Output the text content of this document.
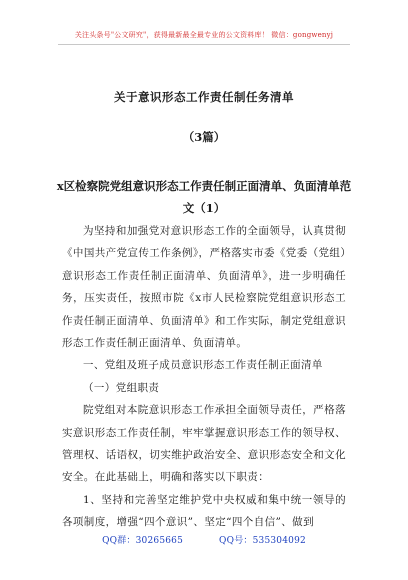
关注头条号"公文研究"，获得最新最全最专业的公文资料库！ 微信：gongwenyj
关于意识形态工作责任制任务清单
（3篇）
x区检察院党组意识形态工作责任制正面清单、负面清单范文（1）

为坚持和加强党对意识形态工作的全面领导，认真贯彻《中国共产党宣传工作条例》，严格落实市委《党委（党组）意识形态工作责任制正面清单、负面清单》，进一步明确任务，压实责任，按照市院《x市人民检察院党组意识形态工作责任制正面清单、负面清单》和工作实际，制定党组意识形态工作责任制正面清单、负面清单。

一、党组及班子成员意识形态工作责任制正面清单

（一）党组职责

院党组对本院意识形态工作承担全面领导责任，严格落实意识形态工作责任制，牢牢掌握意识形态工作的领导权、管理权、话语权，切实维护政治安全、意识形态安全和文化安全。在此基础上，明确和落实以下职责：

1、坚持和完善坚定维护党中央权威和集中统一领导的各项制度，增强“四个意识”、坚定“四个自信”、做到

QQ群：30265665	QQ号：535304092
